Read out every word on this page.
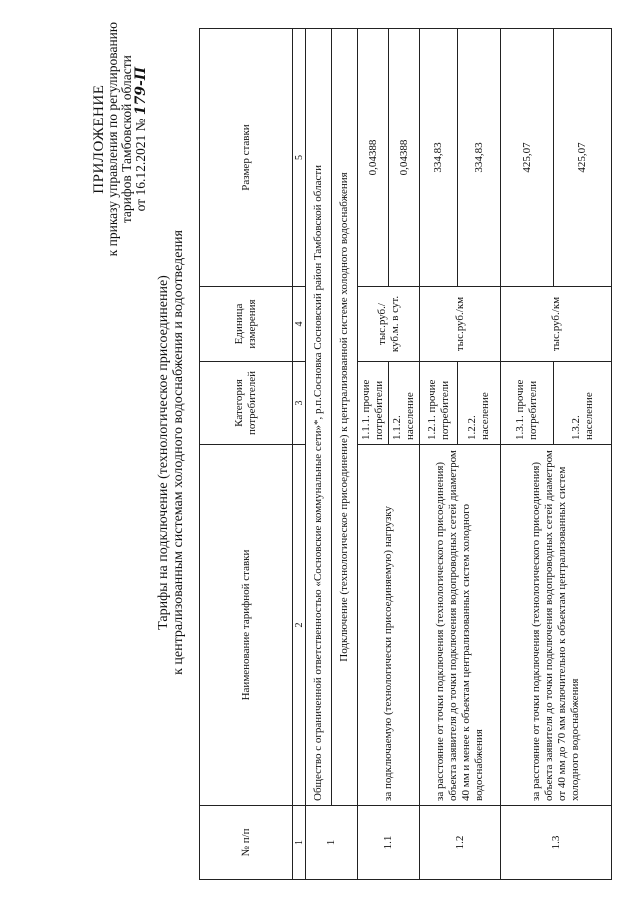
ПРИЛОЖЕНИЕ
к приказу управления по регулированию тарифов Тамбовской области от 16.12.2021 № 179-П
Тарифы на подключение (технологическое присоединение) к централизованным системам холодного водоснабжения и водоотведения
№ п/п	Наименование тарифной ставки	Категория потребителей	Единица измерения	Размер ставки
1	2	3	4	5
1	Общество с ограниченной ответственностью «Сосновские коммунальные сети»*, р.п.Сосновка Сосновский район Тамбовской области			
	Подключение (технологическое присоединение) к централизованной системе холодного водоснабжения			
1.1	за подключаемую (технологически присоединяемую) нагрузку	1.1.1. прочие потребители	тыс.руб./ куб.м. в сут.	0,04388
		1.1.2. население		0,04388
1.2	за расстояние от точки подключения (технологического присоединения) объекта заявителя до точки подключения водопроводных сетей диаметром 40 мм и менее к объектам централизованных систем холодного водоснабжения	1.2.1. прочие потребители	тыс.руб./км	334,83
		1.2.2. население		334,83
1.3	за расстояние от точки подключения (технологического присоединения) объекта заявителя до точки подключения водопроводных сетей диаметром от 40 мм до 70 мм включительно к объектам централизованных систем холодного водоснабжения	1.3.1. прочие потребители	тыс.руб./км	425,07
		1.3.2. население		425,07
